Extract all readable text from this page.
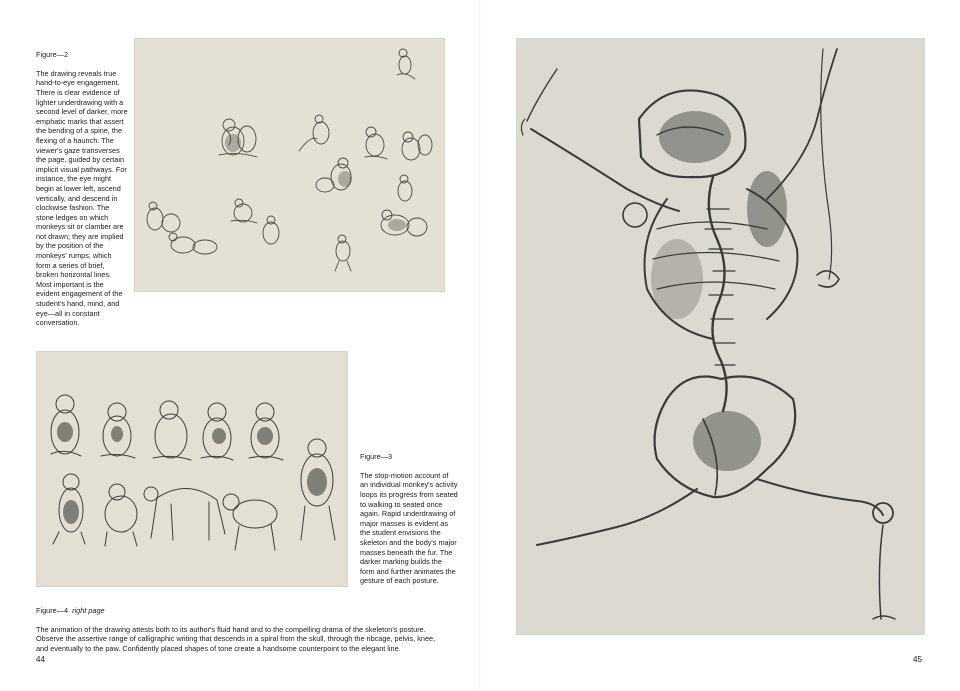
Figure—2

The drawing reveals true hand-to-eye engagement. There is clear evidence of lighter underdrawing with a second level of darker, more emphatic marks that assert the bending of a spine, the flexing of a haunch. The viewer's gaze transverses the page, guided by certain implicit visual pathways. For instance, the eye might begin at lower left, ascend vertically, and descend in clockwise fashion. The stone ledges on which monkeys sit or clamber are not drawn; they are implied by the position of the monkeys' rumps, which form a series of brief, broken horizontal lines. Most important is the evident engagement of the student's hand, mind, and eye—all in constant conversation.

Figure—3

The stop-motion account of an individual monkey's activity loops its progress from seated to walking to seated once again. Rapid underdrawing of major masses is evident as the student envisions the skeleton and the body's major masses beneath the fur. The darker marking builds the form and further animates the gesture of each posture.

Figure—4 right page

The animation of the drawing attests both to its author's fluid hand and to the compelling drama of the skeleton's posture. Observe the assertive range of calligraphic writing that descends in a spiral from the skull, through the ribcage, pelvis, knee, and eventually to the paw. Confidently placed shapes of tone create a handsome counterpoint to the elegant line.

44	45
